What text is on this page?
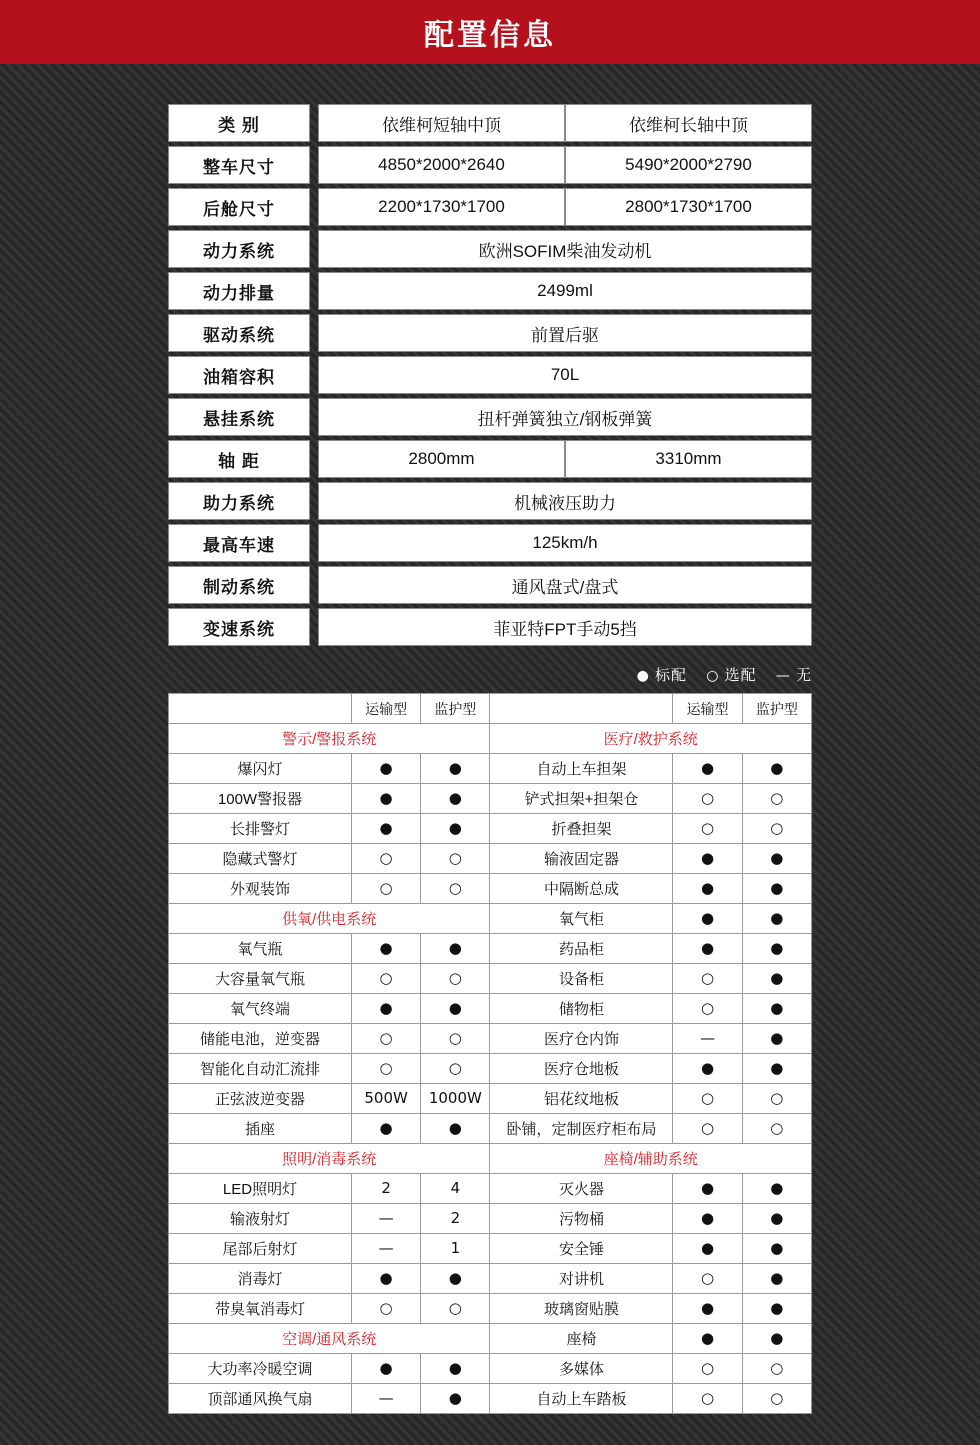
配置信息
类 别		依维柯短轴中顶	依维柯长轴中顶
整车尺寸		4850*2000*2640	5490*2000*2790
后舱尺寸		2200*1730*1700	2800*1730*1700
动力系统		欧洲SOFIM柴油发动机	
动力排量		2499ml	
驱动系统		前置后驱	
油箱容积		70L	
悬挂系统		扭杆弹簧独立/钢板弹簧	
轴 距		2800mm	3310mm
助力系统		机械液压助力	
最高车速		125km/h	
制动系统		通风盘式/盘式	
变速系统		菲亚特FPT手动5挡	
● 标配 ○ 选配 — 无
	运输型	监护型		运输型	监护型
警示/警报系统			医疗/救护系统		
爆闪灯	●	●	自动上车担架	●	●
100W警报器	●	●	铲式担架+担架仓	○	○
长排警灯	●	●	折叠担架	○	○
隐藏式警灯	○	○	输液固定器	●	●
外观装饰	○	○	中隔断总成	●	●
供氧/供电系统			氧气柜	●	●
氧气瓶	●	●	药品柜	●	●
大容量氧气瓶	○	○	设备柜	○	●
氧气终端	●	●	储物柜	○	●
储能电池，逆变器	○	○	医疗仓内饰	—	●
智能化自动汇流排	○	○	医疗仓地板	●	●
正弦波逆变器	500W	1000W	铝花纹地板	○	○
插座	●	●	卧铺，定制医疗柜布局	○	○
照明/消毒系统			座椅/辅助系统		
LED照明灯	2	4	灭火器	●	●
输液射灯	—	2	污物桶	●	●
尾部后射灯	—	1	安全锤	●	●
消毒灯	●	●	对讲机	○	●
带臭氧消毒灯	○	○	玻璃窗贴膜	●	●
空调/通风系统			座椅	●	●
大功率冷暖空调	●	●	多媒体	○	○
顶部通风换气扇	—	●	自动上车踏板	○	○
